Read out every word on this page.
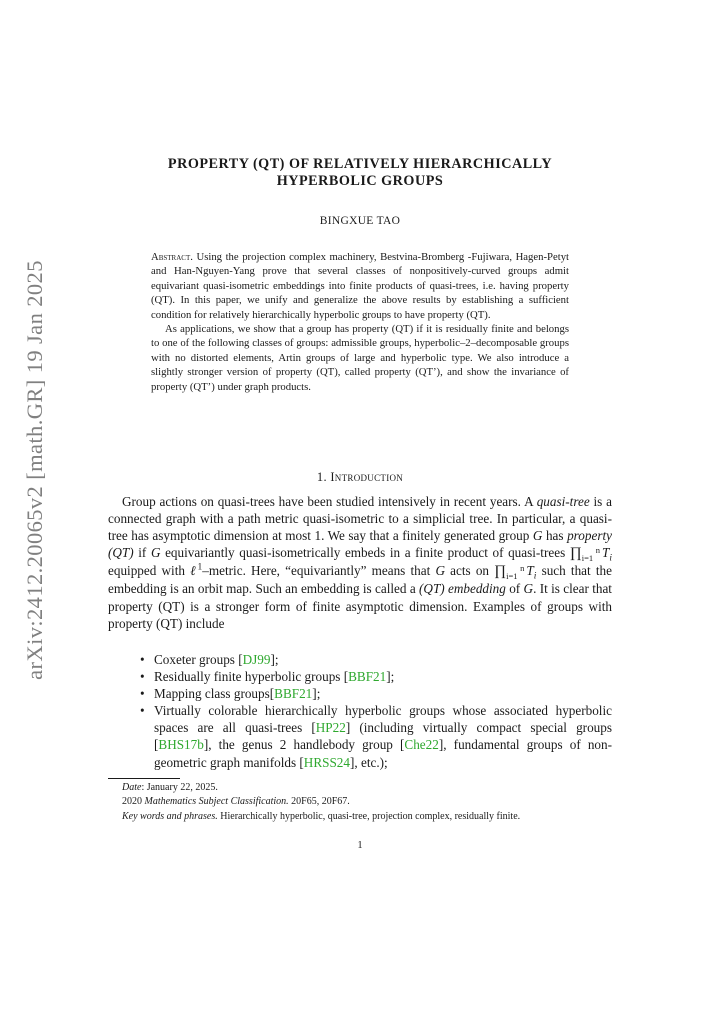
arXiv:2412.20065v2 [math.GR] 19 Jan 2025
PROPERTY (QT) OF RELATIVELY HIERARCHICALLY
HYPERBOLIC GROUPS
BINGXUE TAO

Abstract. Using the projection complex machinery, Bestvina-Bromberg -Fujiwara, Hagen-Petyt and Han-Nguyen-Yang prove that several classes of nonpositively-curved groups admit equivariant quasi-isometric embeddings into finite products of quasi-trees, i.e. having property (QT). In this paper, we unify and generalize the above results by establishing a sufficient condition for relatively hierarchically hyperbolic groups to have property (QT).

As applications, we show that a group has property (QT) if it is residually finite and belongs to one of the following classes of groups: admissible groups, hyperbolic–2–decomposable groups with no distorted elements, Artin groups of large and hyperbolic type. We also introduce a slightly stronger version of property (QT), called property (QT’), and show the invariance of property (QT’) under graph products.

1. Introduction

Group actions on quasi-trees have been studied intensively in recent years. A quasi-tree is a connected graph with a path metric quasi-isometric to a simplicial tree. In particular, a quasi-tree has asymptotic dimension at most 1. We say that a finitely generated group G has property (QT) if G equivariantly quasi-isometrically embeds in a finite product of quasi-trees ∏ n
i=1 $T_i$ equipped with ℓ$^1$–metric. Here, “equivariantly” means that G acts on ∏ n
i=1 $T_i$ such that the embedding is an orbit map. Such an embedding is called a (QT) embedding of G. It is clear that property (QT) is a stronger form of finite asymptotic dimension. Examples of groups with property (QT) include

• Coxeter groups [DJ99];
• Residually finite hyperbolic groups [BBF21];
• Mapping class groups[BBF21];
• Virtually colorable hierarchically hyperbolic groups whose associated hyperbolic spaces are all quasi-trees [HP22] (including virtually compact special groups [BHS17b], the genus 2 handlebody group [Che22], fundamental groups of non-geometric graph manifolds [HRSS24], etc.);

Date: January 22, 2025.

2020 Mathematics Subject Classification. 20F65, 20F67.

Key words and phrases. Hierarchically hyperbolic, quasi-tree, projection complex, residually finite.

1
